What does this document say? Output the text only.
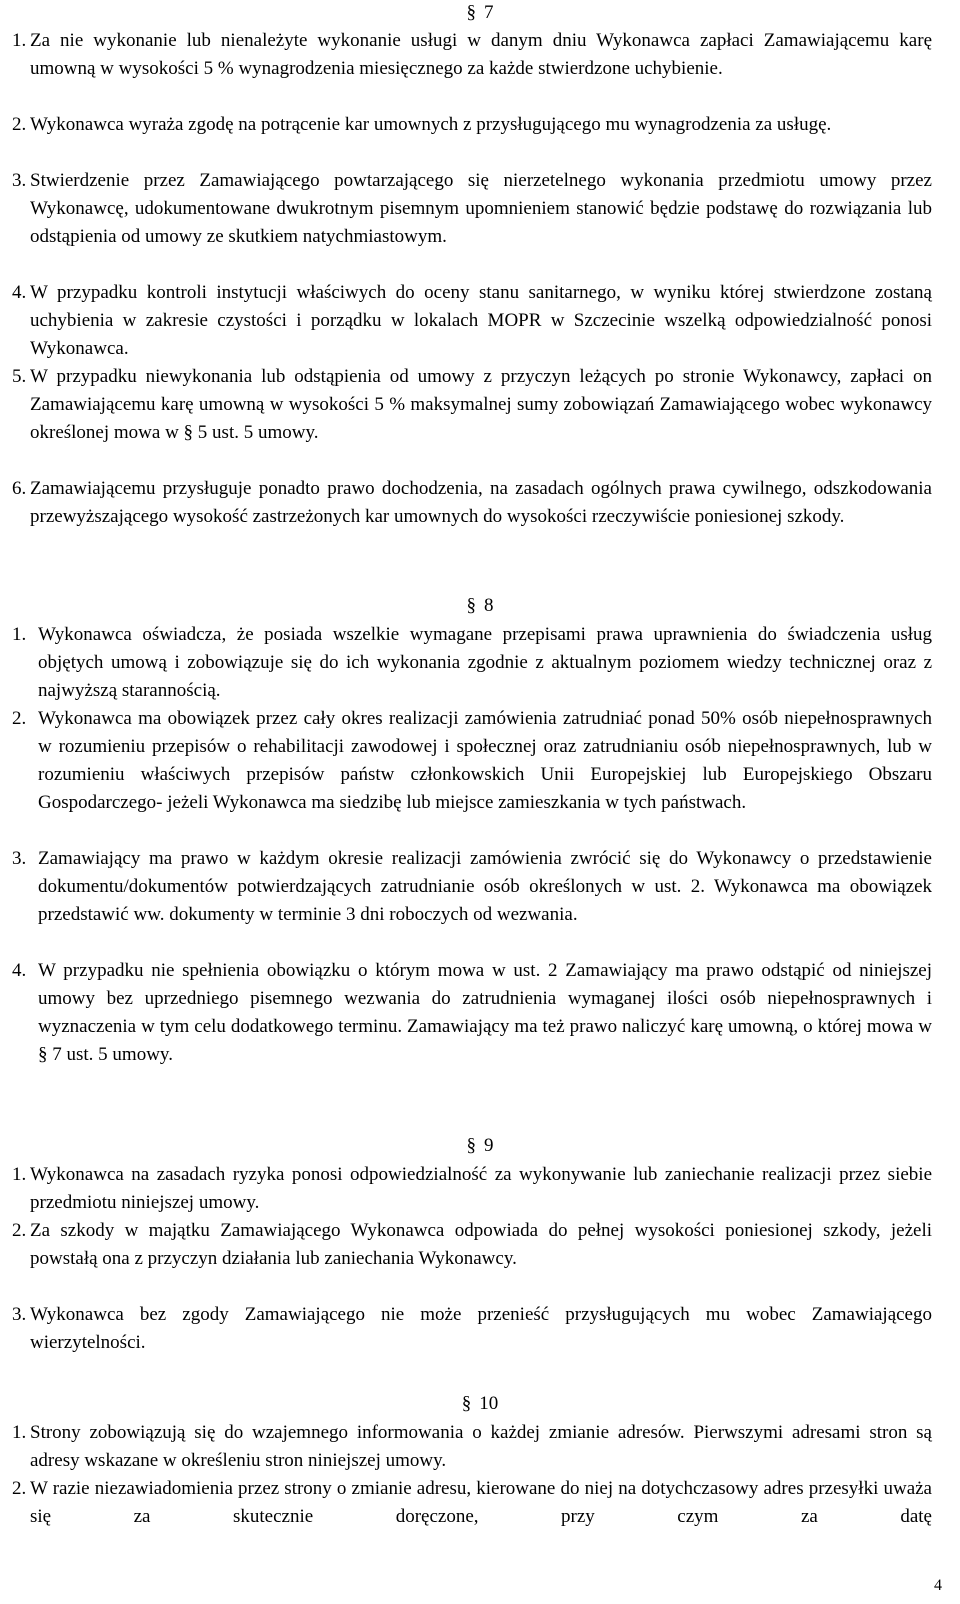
§ 7
1. Za nie wykonanie lub nienależyte wykonanie usługi w danym dniu Wykonawca zapłaci Zamawiającemu karę umowną w wysokości 5 % wynagrodzenia miesięcznego za każde stwierdzone uchybienie.
2. Wykonawca wyraża zgodę na potrącenie kar umownych z przysługującego mu wynagrodzenia za usługę.
3. Stwierdzenie przez Zamawiającego powtarzającego się nierzetelnego wykonania przedmiotu umowy przez Wykonawcę, udokumentowane dwukrotnym pisemnym upomnieniem stanowić będzie podstawę do rozwiązania lub odstąpienia od umowy ze skutkiem natychmiastowym.
4. W przypadku kontroli instytucji właściwych do oceny stanu sanitarnego, w wyniku której stwierdzone zostaną uchybienia w zakresie czystości i porządku w lokalach MOPR w Szczecinie wszelką odpowiedzialność ponosi Wykonawca.
5. W przypadku niewykonania lub odstąpienia od umowy z przyczyn leżących po stronie Wykonawcy, zapłaci on Zamawiającemu karę umowną w wysokości 5 % maksymalnej sumy zobowiązań Zamawiającego wobec wykonawcy określonej mowa w § 5 ust. 5 umowy.
6. Zamawiającemu przysługuje ponadto prawo dochodzenia, na zasadach ogólnych prawa cywilnego, odszkodowania przewyższającego wysokość zastrzeżonych kar umownych do wysokości rzeczywiście poniesionej szkody.
§ 8
1. Wykonawca oświadcza, że posiada wszelkie wymagane przepisami prawa uprawnienia do świadczenia usług objętych umową i zobowiązuje się do ich wykonania zgodnie z aktualnym poziomem wiedzy technicznej oraz z najwyższą starannością.
2. Wykonawca ma obowiązek przez cały okres realizacji zamówienia zatrudniać ponad 50% osób niepełnosprawnych w rozumieniu przepisów o rehabilitacji zawodowej i społecznej oraz zatrudnianiu osób niepełnosprawnych, lub w rozumieniu właściwych przepisów państw członkowskich Unii Europejskiej lub Europejskiego Obszaru Gospodarczego- jeżeli Wykonawca ma siedzibę lub miejsce zamieszkania w tych państwach.
3. Zamawiający ma prawo w każdym okresie realizacji zamówienia zwrócić się do Wykonawcy o przedstawienie dokumentu/dokumentów potwierdzających zatrudnianie osób określonych w ust. 2. Wykonawca ma obowiązek przedstawić ww. dokumenty w terminie 3 dni roboczych od wezwania.
4. W przypadku nie spełnienia obowiązku o którym mowa w ust. 2 Zamawiający ma prawo odstąpić od niniejszej umowy bez uprzedniego pisemnego wezwania do zatrudnienia wymaganej ilości osób niepełnosprawnych i wyznaczenia w tym celu dodatkowego terminu. Zamawiający ma też prawo naliczyć karę umowną, o której mowa w § 7 ust. 5 umowy.
§ 9
1. Wykonawca na zasadach ryzyka ponosi odpowiedzialność za wykonywanie lub zaniechanie realizacji przez siebie przedmiotu niniejszej umowy.
2. Za szkody w majątku Zamawiającego Wykonawca odpowiada do pełnej wysokości poniesionej szkody, jeżeli powstałą ona z przyczyn działania lub zaniechania Wykonawcy.
3. Wykonawca bez zgody Zamawiającego nie może przenieść przysługujących mu wobec Zamawiającego wierzytelności.
§ 10
1. Strony zobowiązują się do wzajemnego informowania o każdej zmianie adresów. Pierwszymi adresami stron są adresy wskazane w określeniu stron niniejszej umowy.
2. W razie niezawiadomienia przez strony o zmianie adresu, kierowane do niej na dotychczasowy adres przesyłki uważa się za skutecznie doręczone, przy czym za datę
4
